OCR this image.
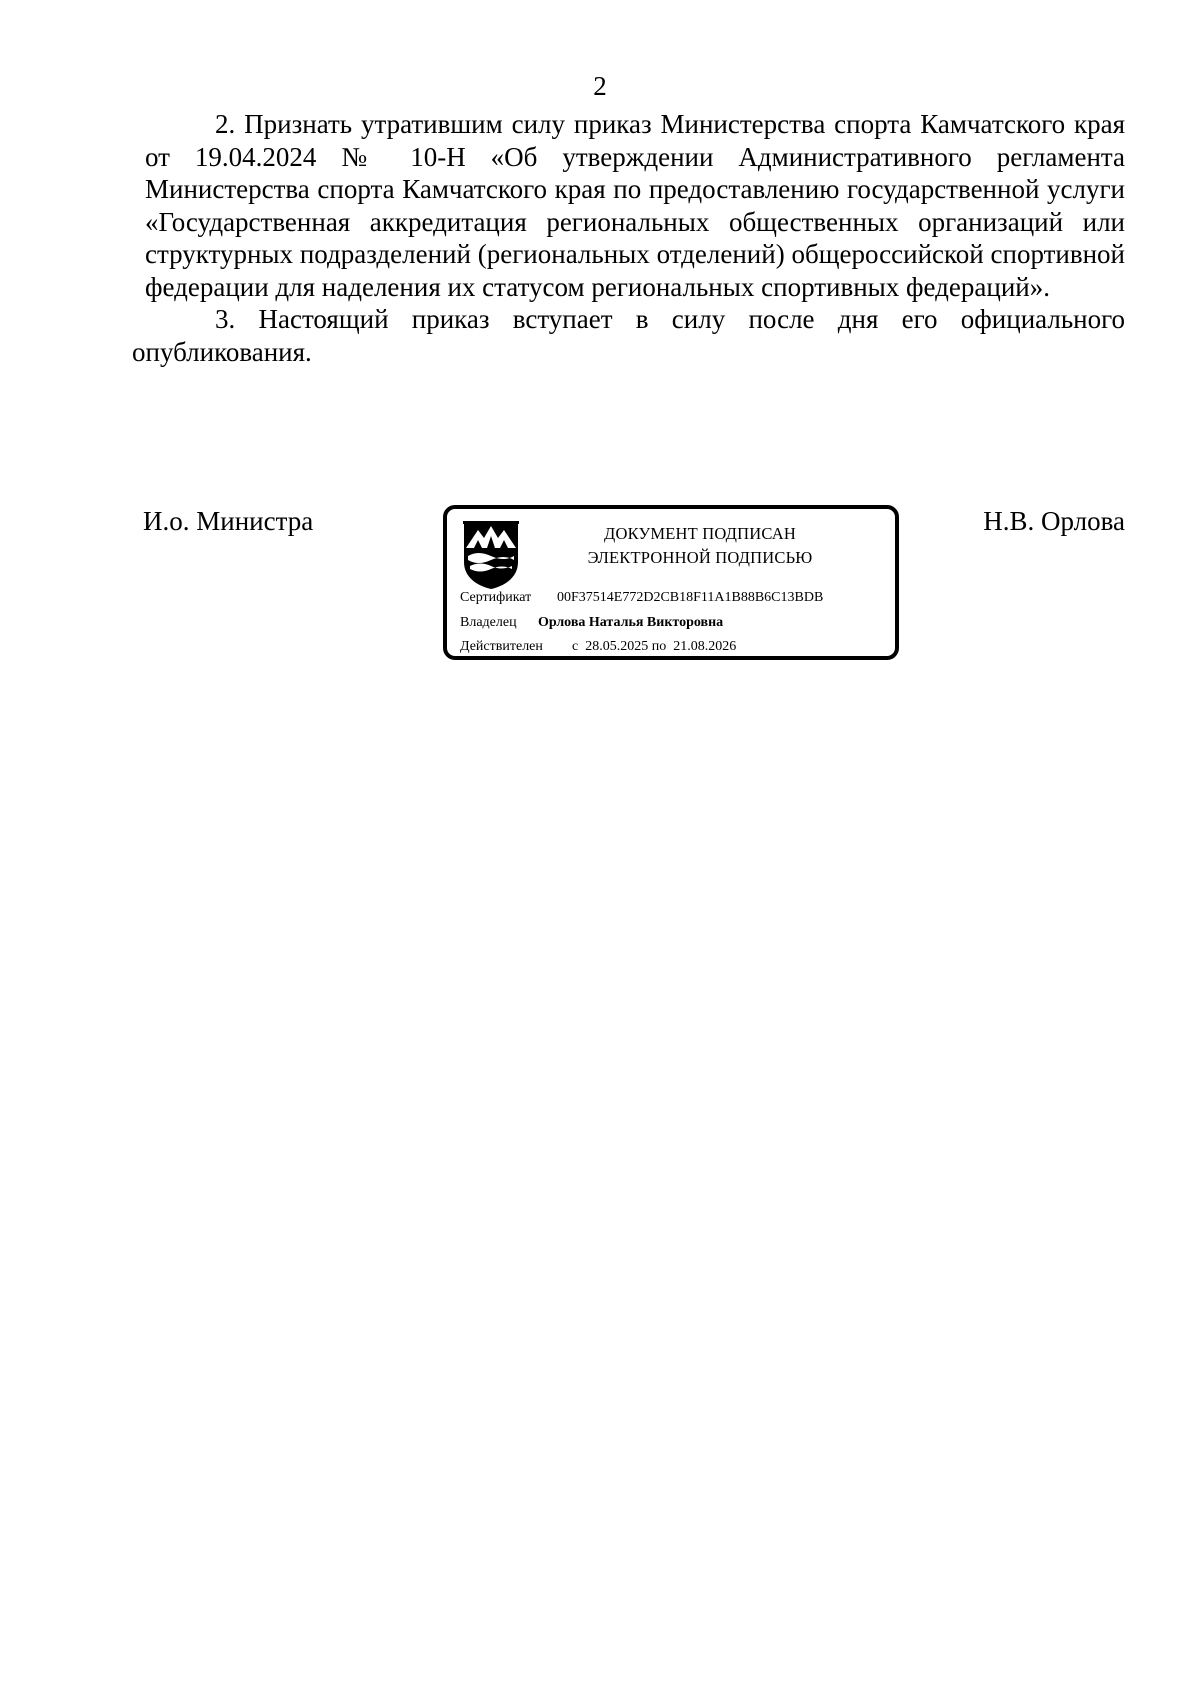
2

2. Признать утратившим силу приказ Министерства спорта Камчатского края от 19.04.2024 № 10-Н «Об утверждении Административного регламента Министерства спорта Камчатского края по предоставлению государственной услуги «Государственная аккредитация региональных общественных организаций или структурных подразделений (региональных отделений) общероссийской спортивной федерации для наделения их статусом региональных спортивных федераций».

3. Настоящий приказ вступает в силу после дня его официального опубликования.

И.о. Министра	ДОКУМЕНТ ПОДПИСАН
ЭЛЕКТРОННОЙ ПОДПИСЬЮ
Сертификат 00F37514E772D2CB18F11A1B88B6C13BDB
Владелец Орлова Наталья Викторовна
Действителен с  28.05.2025 по  21.08.2026
Н.В. Орлова
